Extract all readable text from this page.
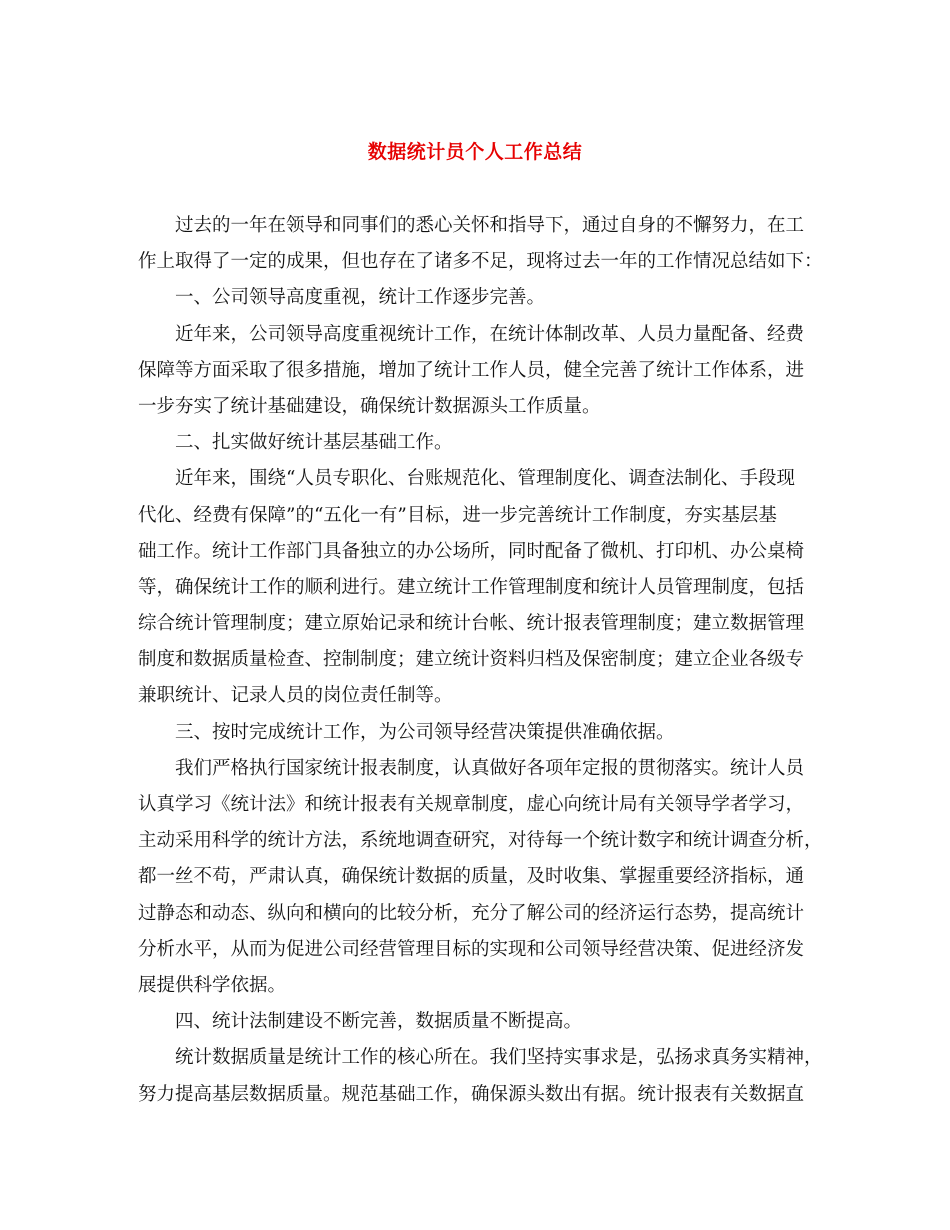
数据统计员个人工作总结
过去的一年在领导和同事们的悉心关怀和指导下，通过自身的不懈努力，在工
作上取得了一定的成果，但也存在了诸多不足，现将过去一年的工作情况总结如下：
一、公司领导高度重视，统计工作逐步完善。
近年来，公司领导高度重视统计工作，在统计体制改革、人员力量配备、经费
保障等方面采取了很多措施，增加了统计工作人员，健全完善了统计工作体系，进
一步夯实了统计基础建设，确保统计数据源头工作质量。
二、扎实做好统计基层基础工作。
近年来，围绕“人员专职化、台账规范化、管理制度化、调查法制化、手段现
代化、经费有保障”的“五化一有”目标，进一步完善统计工作制度，夯实基层基
础工作。统计工作部门具备独立的办公场所，同时配备了微机、打印机、办公桌椅
等，确保统计工作的顺利进行。建立统计工作管理制度和统计人员管理制度，包括
综合统计管理制度；建立原始记录和统计台帐、统计报表管理制度；建立数据管理
制度和数据质量检查、控制制度；建立统计资料归档及保密制度；建立企业各级专
兼职统计、记录人员的岗位责任制等。
三、按时完成统计工作，为公司领导经营决策提供准确依据。
我们严格执行国家统计报表制度，认真做好各项年定报的贯彻落实。统计人员
认真学习《统计法》和统计报表有关规章制度，虚心向统计局有关领导学者学习，
主动采用科学的统计方法，系统地调查研究，对待每一个统计数字和统计调查分析，
都一丝不苟，严肃认真，确保统计数据的质量，及时收集、掌握重要经济指标，通
过静态和动态、纵向和横向的比较分析，充分了解公司的经济运行态势，提高统计
分析水平，从而为促进公司经营管理目标的实现和公司领导经营决策、促进经济发
展提供科学依据。
四、统计法制建设不断完善，数据质量不断提高。
统计数据质量是统计工作的核心所在。我们坚持实事求是，弘扬求真务实精神，
努力提高基层数据质量。规范基础工作，确保源头数出有据。统计报表有关数据直
